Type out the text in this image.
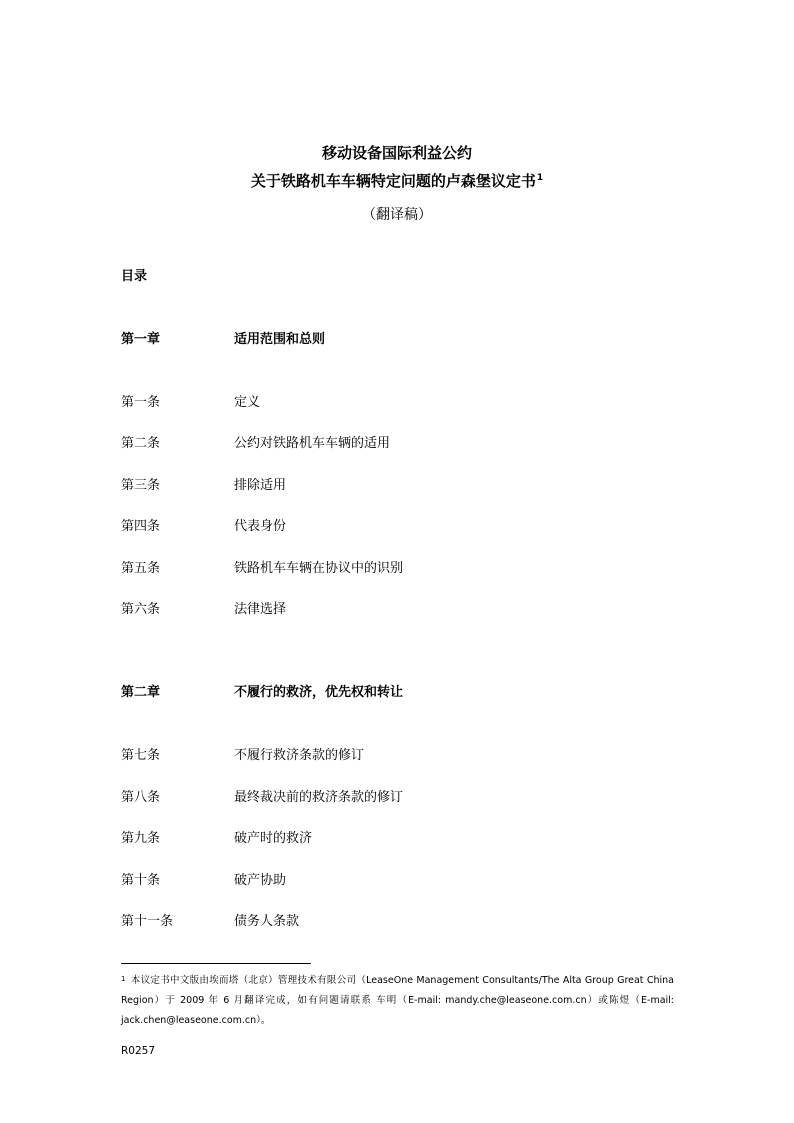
移动设备国际利益公约
关于铁路机车车辆特定问题的卢森堡议定书$^1$
（翻译稿）
目录
第一章	适用范围和总则
第一条	定义
第二条	公约对铁路机车车辆的适用
第三条	排除适用
第四条	代表身份
第五条	铁路机车车辆在协议中的识别
第六条	法律选择
第二章	不履行的救济，优先权和转让
第七条	不履行救济条款的修订
第八条	最终裁决前的救济条款的修订
第九条	破产时的救济
第十条	破产协助
第十一条	债务人条款
$^1$ 本议定书中文版由埃而塔（北京）管理技术有限公司（LeaseOne Management Consultants/The Alta Group Great China Region）于 2009 年 6 月翻译完成，如有问题请联系 车明（E-mail: mandy.che@leaseone.com.cn）或陈煜（E-mail: jack.chen@leaseone.com.cn）。
R0257
